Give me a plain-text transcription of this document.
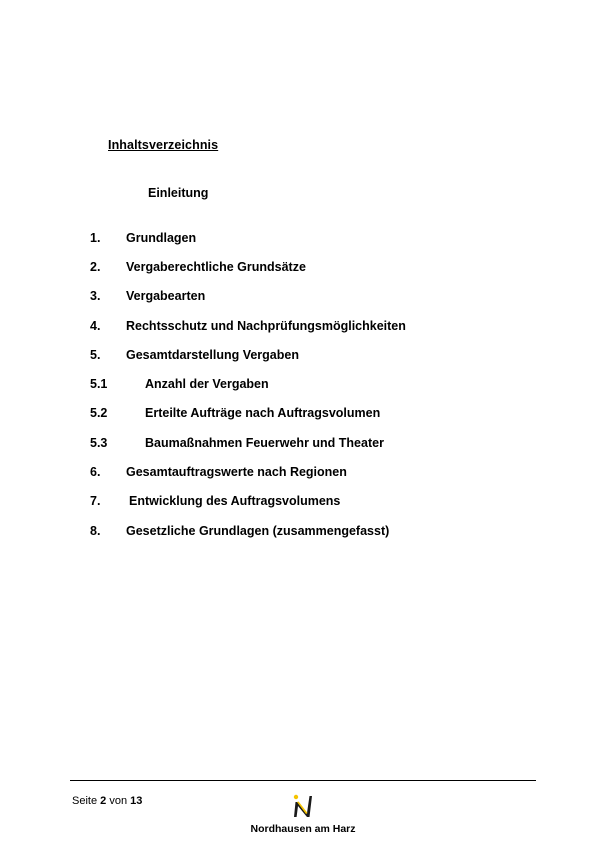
Inhaltsverzeichnis
Einleitung
1. Grundlagen
2. Vergaberechtliche Grundsätze
3. Vergabearten
4. Rechtsschutz und Nachprüfungsmöglichkeiten
5. Gesamtdarstellung Vergaben
5.1	Anzahl der Vergaben
5.2	Erteilte Aufträge nach Auftragsvolumen
5.3	Baumaßnahmen Feuerwehr und Theater
6. Gesamtauftragswerte nach Regionen
7. Entwicklung des Auftragsvolumens
8. Gesetzliche Grundlagen (zusammengefasst)
Seite 2 von 13
Nordhausen am Harz
